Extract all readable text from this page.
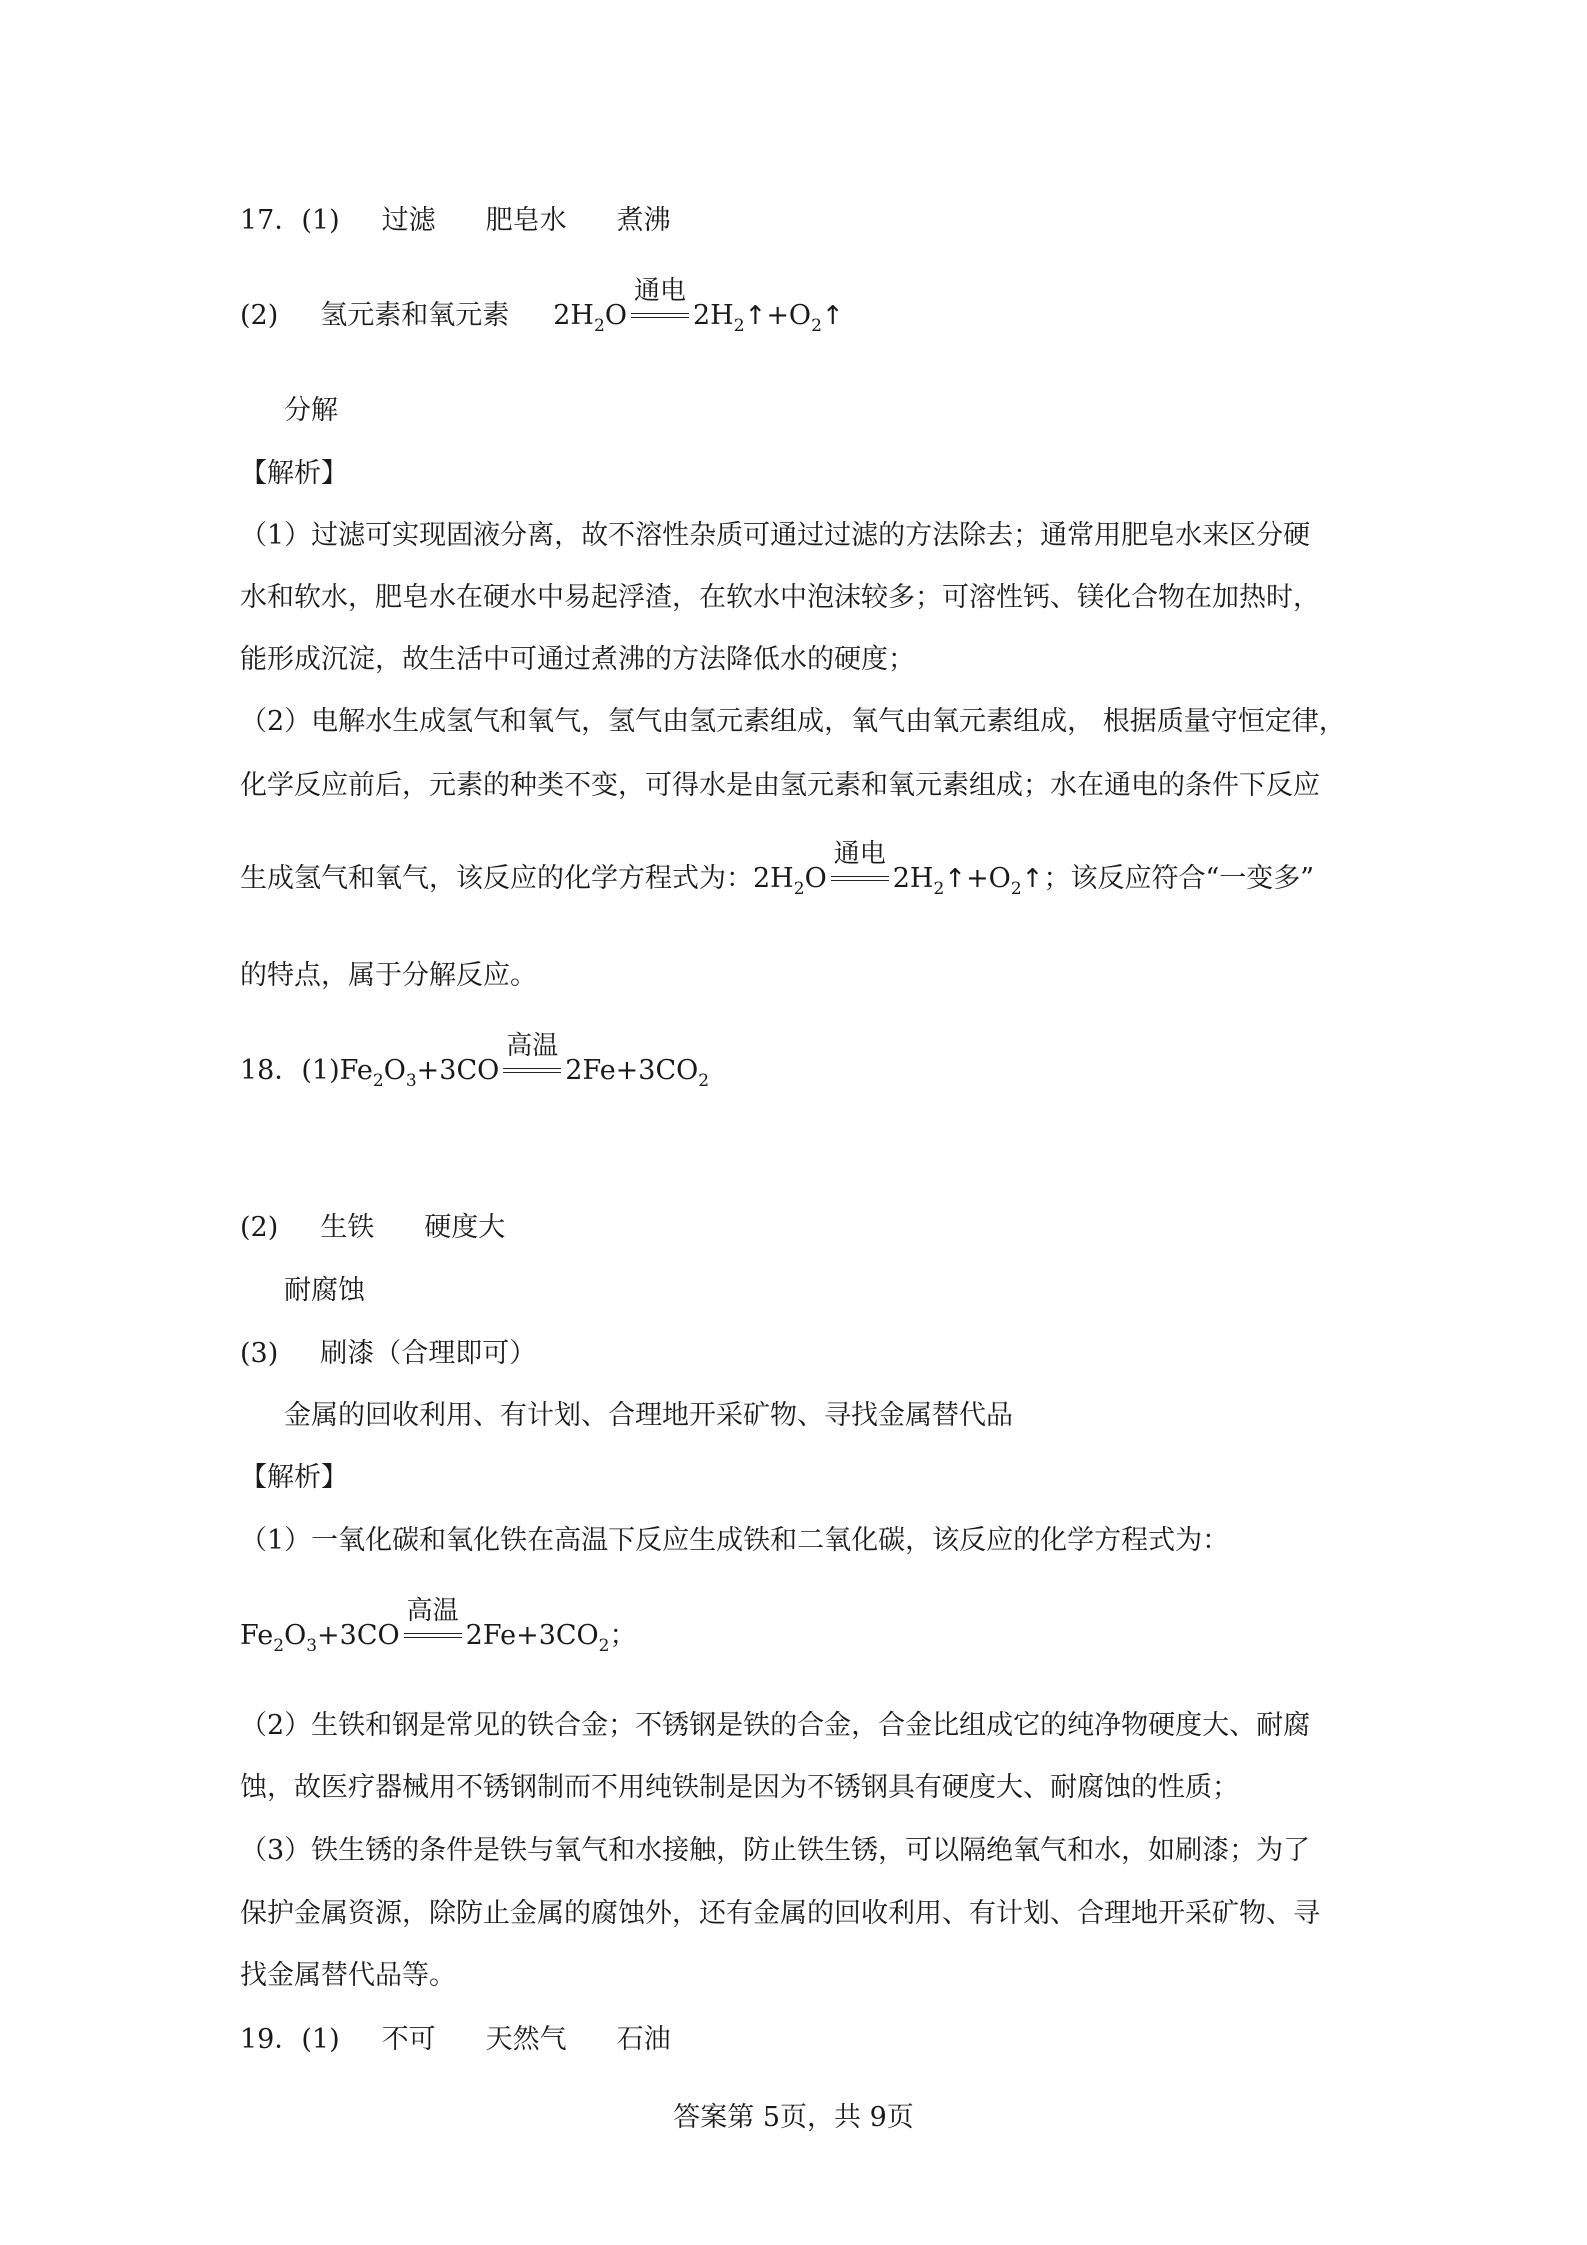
17．(1) 过滤 肥皂水 煮沸
(2) 氢元素和氧元素 $2H_2O$
通电
$2H_2↑+O_2↑$
分解
【解析】
（1）过滤可实现固液分离，故不溶性杂质可通过过滤的方法除去；通常用肥皂水来区分硬
水和软水，肥皂水在硬水中易起浮渣，在软水中泡沫较多；可溶性钙、镁化合物在加热时，
能形成沉淀，故生活中可通过煮沸的方法降低水的硬度；
（2）电解水生成氢气和氧气，氢气由氢元素组成，氧气由氧元素组成， 根据质量守恒定律，
化学反应前后，元素的种类不变，可得水是由氢元素和氧元素组成；水在通电的条件下反应
生成氢气和氧气，该反应的化学方程式为：$2H_2O$
通电
$2H_2↑+O_2↑$；该反应符合“一变多”
的特点，属于分解反应。
18．$(1)Fe_2O_3+3CO$
高温
$2Fe+3CO_2$
(2) 生铁 硬度大
耐腐蚀
(3) 刷漆（合理即可）
金属的回收利用、有计划、合理地开采矿物、寻找金属替代品
【解析】
（1）一氧化碳和氧化铁在高温下反应生成铁和二氧化碳，该反应的化学方程式为：
$Fe_2O_3+3CO$
高温
$2Fe+3CO_2$；
（2）生铁和钢是常见的铁合金；不锈钢是铁的合金，合金比组成它的纯净物硬度大、耐腐
蚀，故医疗器械用不锈钢制而不用纯铁制是因为不锈钢具有硬度大、耐腐蚀的性质；
（3）铁生锈的条件是铁与氧气和水接触，防止铁生锈，可以隔绝氧气和水，如刷漆；为了
保护金属资源，除防止金属的腐蚀外，还有金属的回收利用、有计划、合理地开采矿物、寻
找金属替代品等。
19．(1) 不可 天然气 石油
答案第 5页，共 9页
